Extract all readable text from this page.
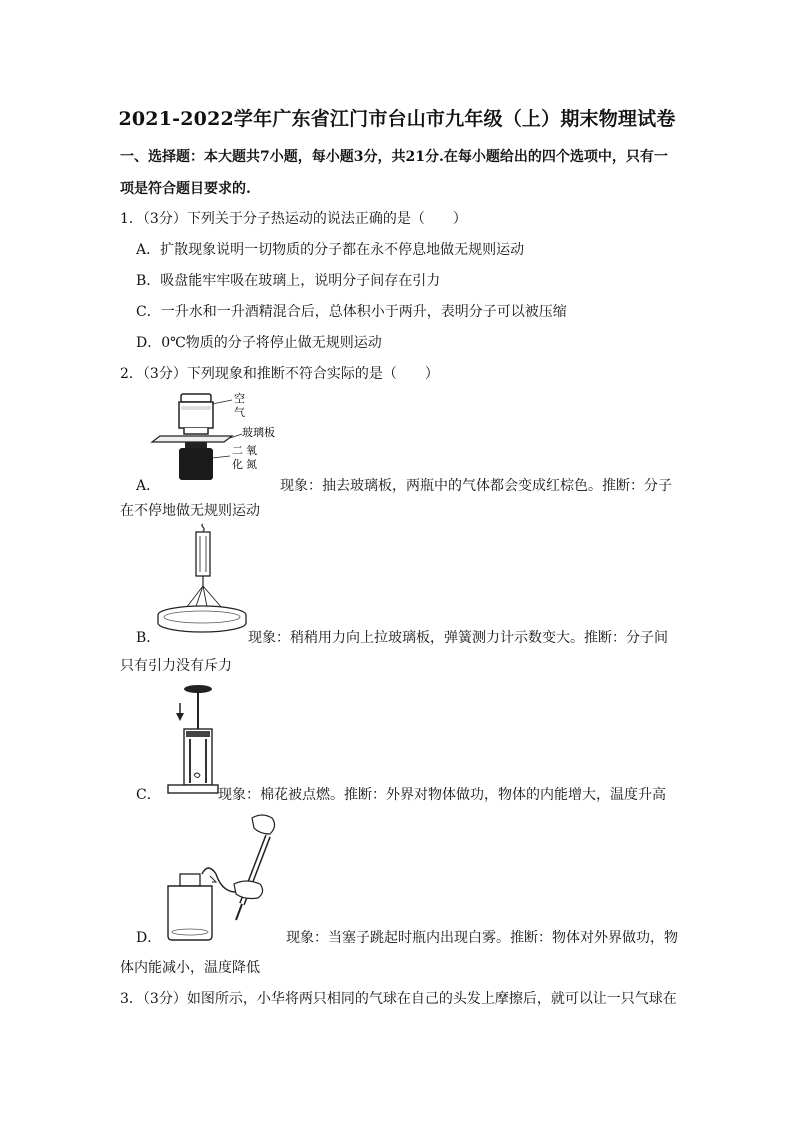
2021-2022学年广东省江门市台山市九年级（上）期末物理试卷
一、选择题：本大题共7小题，每小题3分，共21分.在每小题给出的四个选项中，只有一
项是符合题目要求的.
1．（3分）下列关于分子热运动的说法正确的是（　　）
A．扩散现象说明一切物质的分子都在永不停息地做无规则运动
B．吸盘能牢牢吸在玻璃上，说明分子间存在引力
C．一升水和一升酒精混合后，总体积小于两升，表明分子可以被压缩
D．0℃物质的分子将停止做无规则运动
2．（3分）下列现象和推断不符合实际的是（　　）
空
气
玻璃板
二 氧
化 氮
A．	现象：抽去玻璃板，两瓶中的气体都会变成红棕色。推断：分子
在不停地做无规则运动
B．	现象：稍稍用力向上拉玻璃板，弹簧测力计示数变大。推断：分子间
只有引力没有斥力
C．	现象：棉花被点燃。推断：外界对物体做功，物体的内能增大，温度升高
D．	现象：当塞子跳起时瓶内出现白雾。推断：物体对外界做功，物
体内能减小，温度降低
3．（3分）如图所示，小华将两只相同的气球在自己的头发上摩擦后，就可以让一只气球在
